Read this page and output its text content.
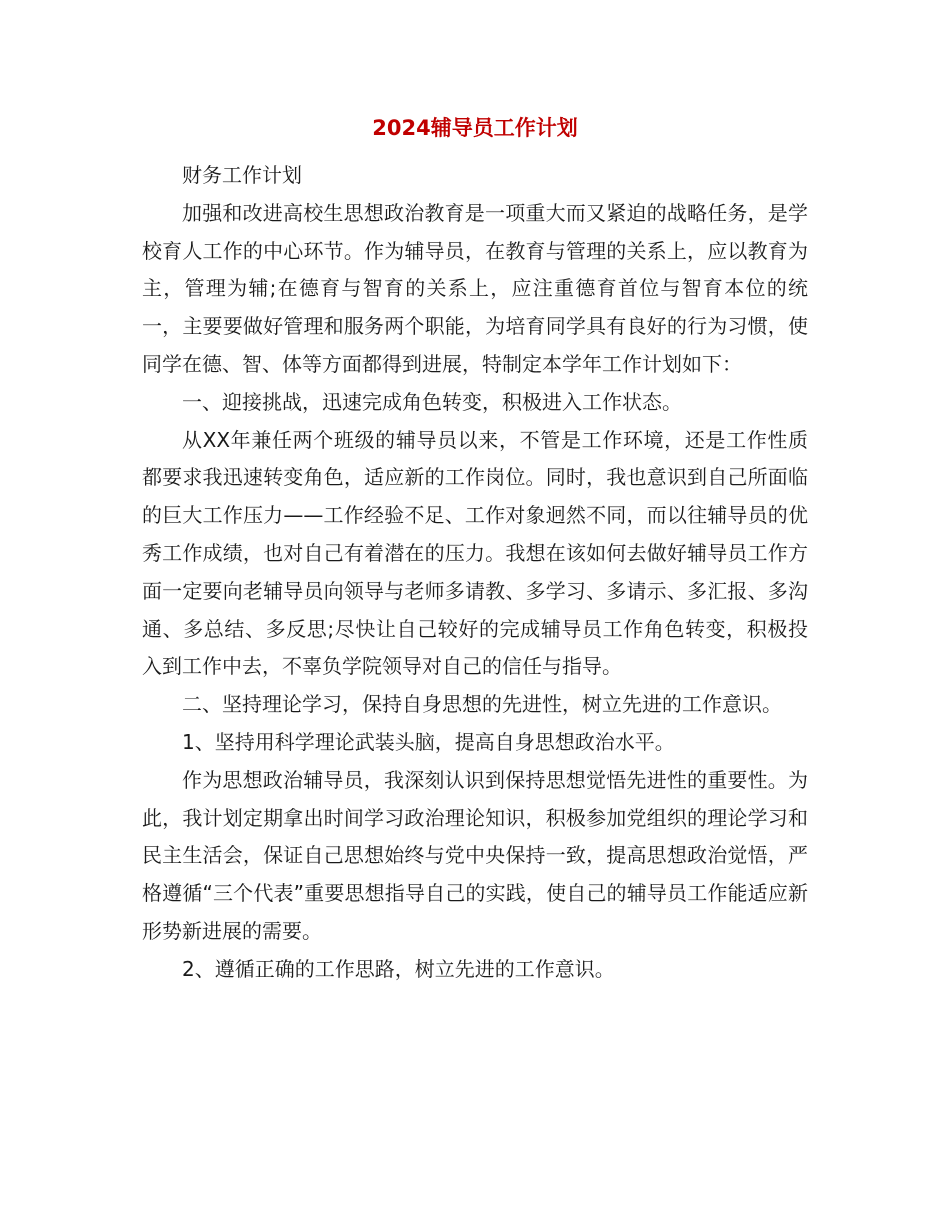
2024辅导员工作计划

财务工作计划

加强和改进高校生思想政治教育是一项重大而又紧迫的战略任务，是学校育人工作的中心环节。作为辅导员，在教育与管理的关系上，应以教育为主，管理为辅;在德育与智育的关系上，应注重德育首位与智育本位的统一，主要要做好管理和服务两个职能，为培育同学具有良好的行为习惯，使同学在德、智、体等方面都得到进展，特制定本学年工作计划如下：

一、迎接挑战，迅速完成角色转变，积极进入工作状态。

从XX年兼任两个班级的辅导员以来，不管是工作环境，还是工作性质都要求我迅速转变角色，适应新的工作岗位。同时，我也意识到自己所面临的巨大工作压力——工作经验不足、工作对象迥然不同，而以往辅导员的优秀工作成绩，也对自己有着潜在的压力。我想在该如何去做好辅导员工作方面一定要向老辅导员向领导与老师多请教、多学习、多请示、多汇报、多沟通、多总结、多反思;尽快让自己较好的完成辅导员工作角色转变，积极投入到工作中去，不辜负学院领导对自己的信任与指导。

二、坚持理论学习，保持自身思想的先进性，树立先进的工作意识。

1、坚持用科学理论武装头脑，提高自身思想政治水平。

作为思想政治辅导员，我深刻认识到保持思想觉悟先进性的重要性。为此，我计划定期拿出时间学习政治理论知识，积极参加党组织的理论学习和民主生活会，保证自己思想始终与党中央保持一致，提高思想政治觉悟，严格遵循“三个代表”重要思想指导自己的实践，使自己的辅导员工作能适应新形势新进展的需要。

2、遵循正确的工作思路，树立先进的工作意识。
